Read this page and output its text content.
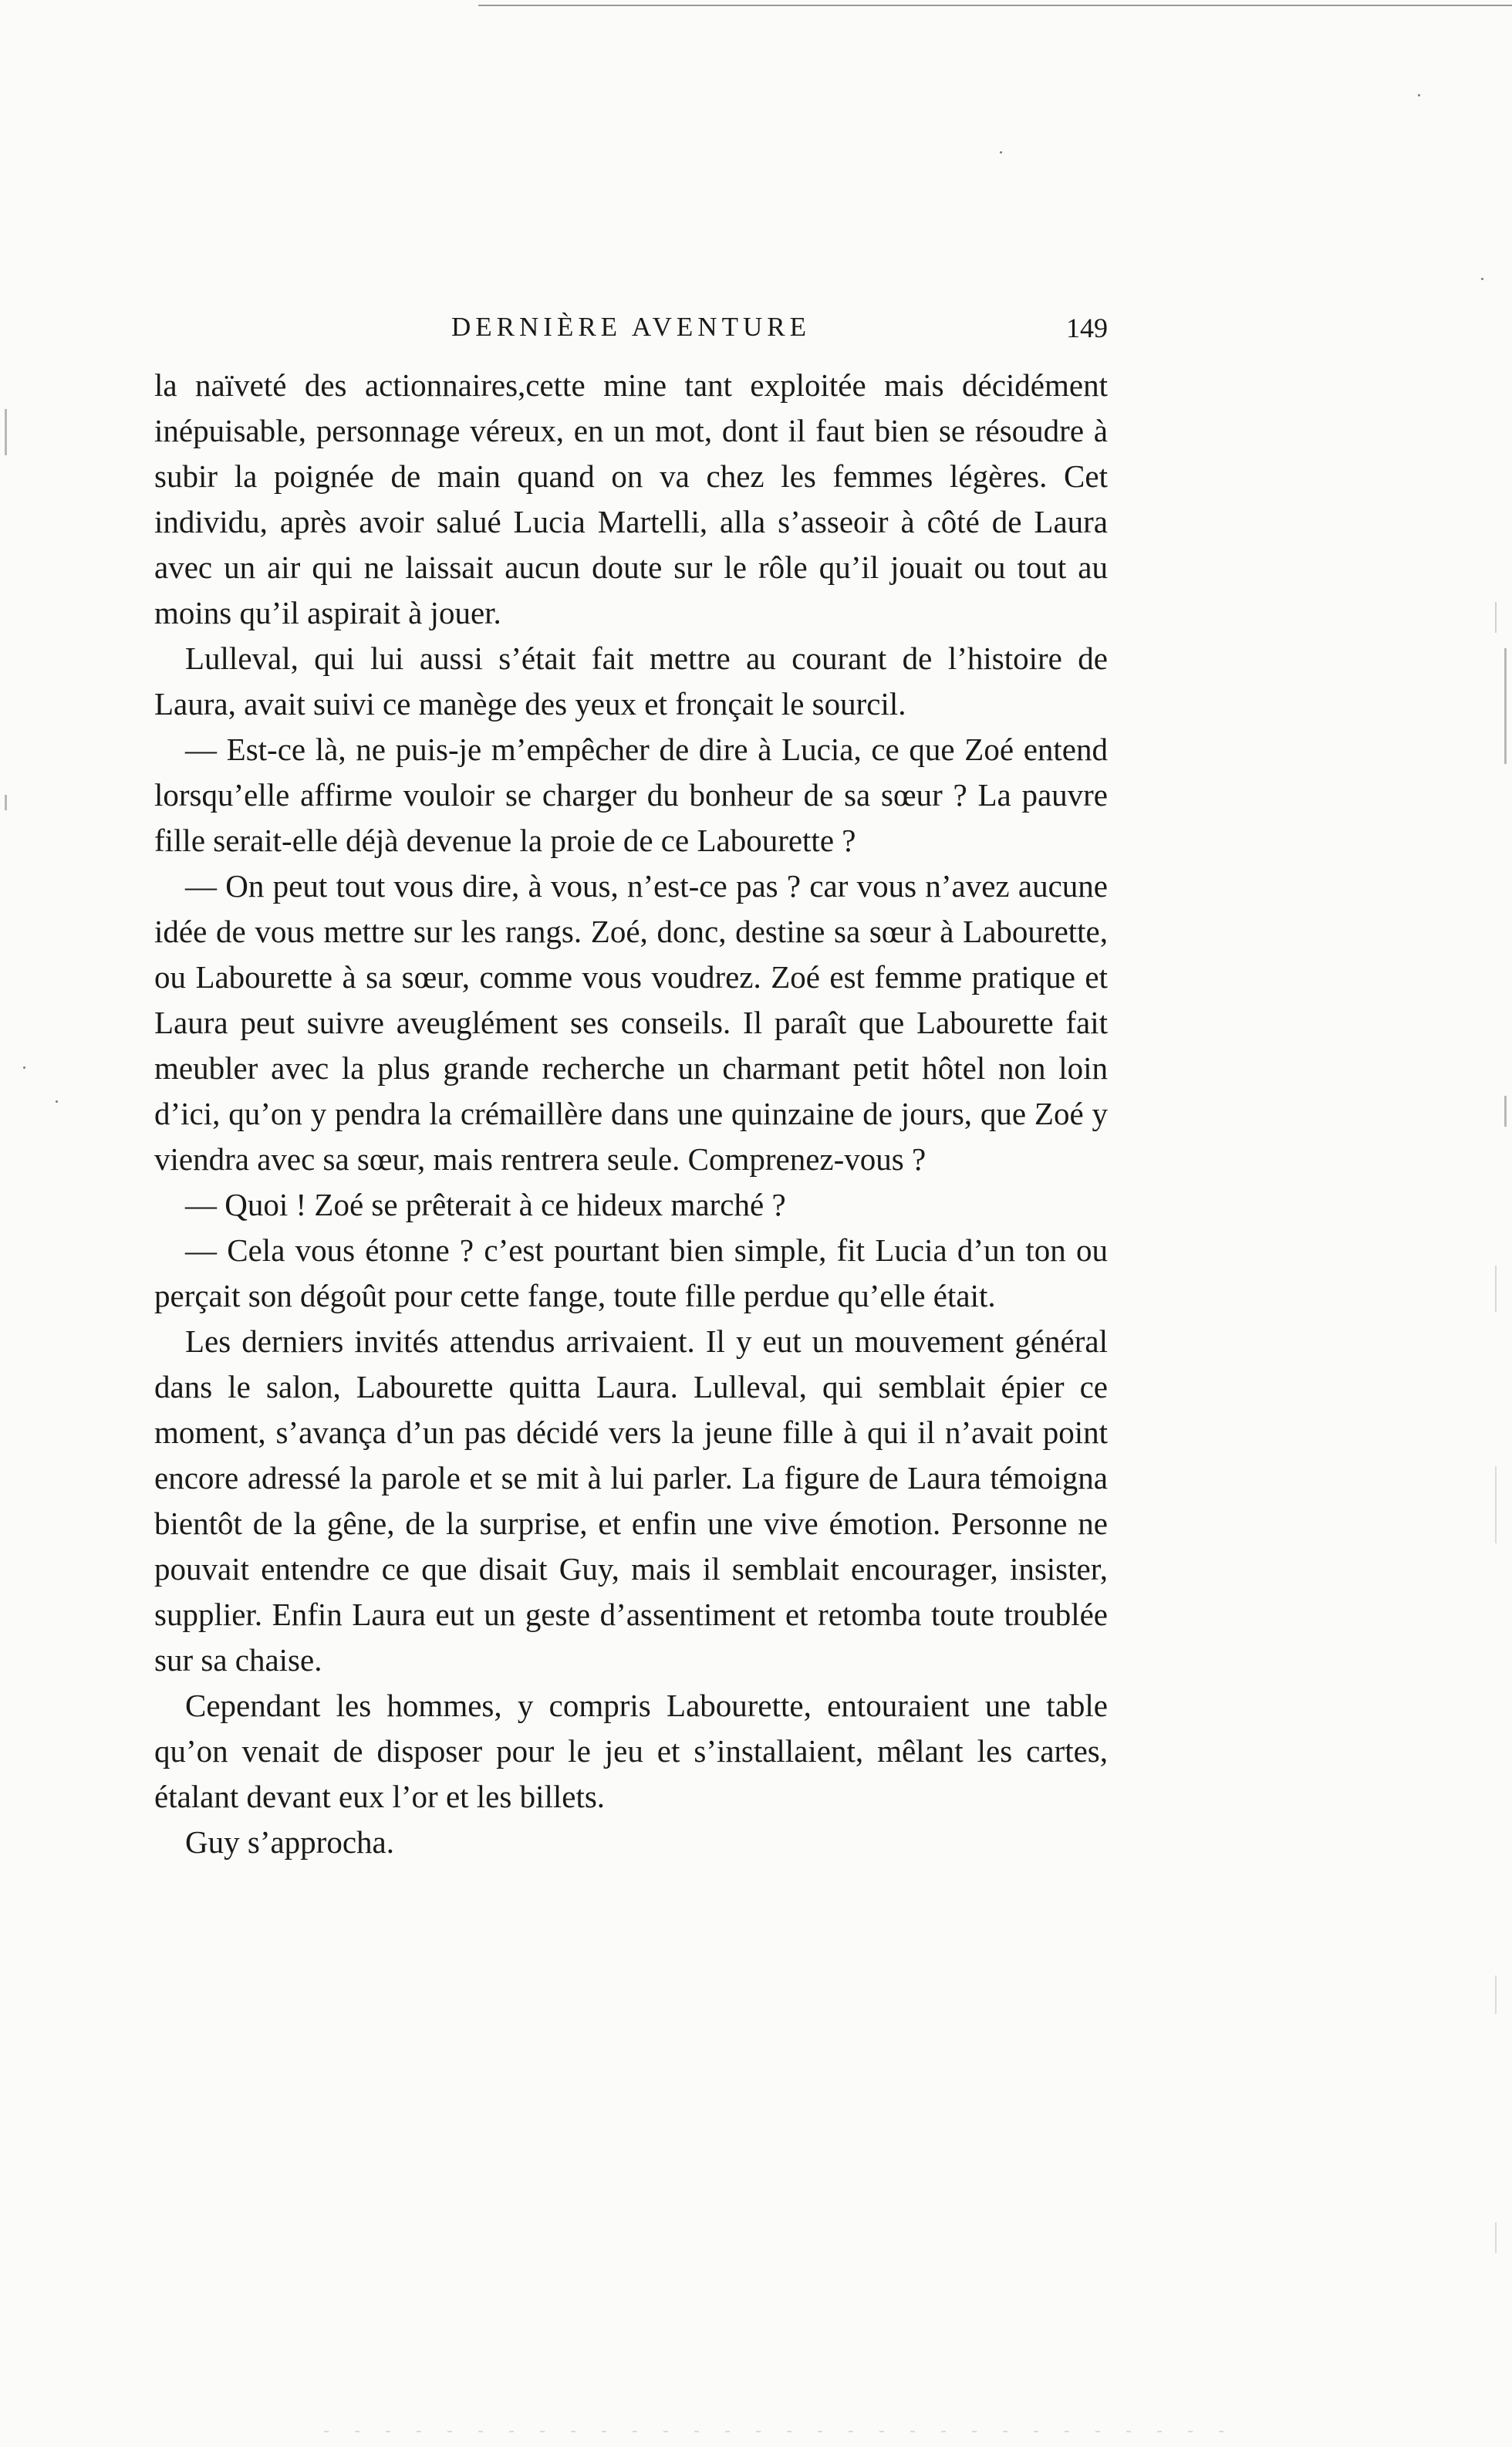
DERNIÈRE AVENTURE	149

la naïveté des actionnaires,cette mine tant exploitée mais décidément inépuisable, personnage véreux, en un mot, dont il faut bien se résoudre à subir la poignée de main quand on va chez les femmes légères. Cet individu, après avoir salué Lucia Martelli, alla s’asseoir à côté de Laura avec un air qui ne laissait aucun doute sur le rôle qu’il jouait ou tout au moins qu’il aspirait à jouer.

Lulleval, qui lui aussi s’était fait mettre au courant de l’histoire de Laura, avait suivi ce manège des yeux et fronçait le sourcil.

— Est-ce là, ne puis-je m’empêcher de dire à Lucia, ce que Zoé entend lorsqu’elle affirme vouloir se charger du bonheur de sa sœur ? La pauvre fille serait-elle déjà devenue la proie de ce Labourette ?

— On peut tout vous dire, à vous, n’est-ce pas ? car vous n’avez aucune idée de vous mettre sur les rangs. Zoé, donc, destine sa sœur à Labourette, ou Labourette à sa sœur, comme vous voudrez. Zoé est femme pratique et Laura peut suivre aveuglément ses conseils. Il paraît que Labourette fait meubler avec la plus grande recherche un charmant petit hôtel non loin d’ici, qu’on y pendra la crémaillère dans une quinzaine de jours, que Zoé y viendra avec sa sœur, mais rentrera seule. Comprenez-vous ?

— Quoi ! Zoé se prêterait à ce hideux marché ?

— Cela vous étonne ? c’est pourtant bien simple, fit Lucia d’un ton ou perçait son dégoût pour cette fange, toute fille perdue qu’elle était.

Les derniers invités attendus arrivaient. Il y eut un mouvement général dans le salon, Labourette quitta Laura. Lulleval, qui semblait épier ce moment, s’avança d’un pas décidé vers la jeune fille à qui il n’avait point encore adressé la parole et se mit à lui parler. La figure de Laura témoigna bientôt de la gêne, de la surprise, et enfin une vive émotion. Personne ne pouvait entendre ce que disait Guy, mais il semblait encourager, insister, supplier. Enfin Laura eut un geste d’assentiment et retomba toute troublée sur sa chaise.

Cependant les hommes, y compris Labourette, entouraient une table qu’on venait de disposer pour le jeu et s’installaient, mêlant les cartes, étalant devant eux l’or et les billets.

Guy s’approcha.
